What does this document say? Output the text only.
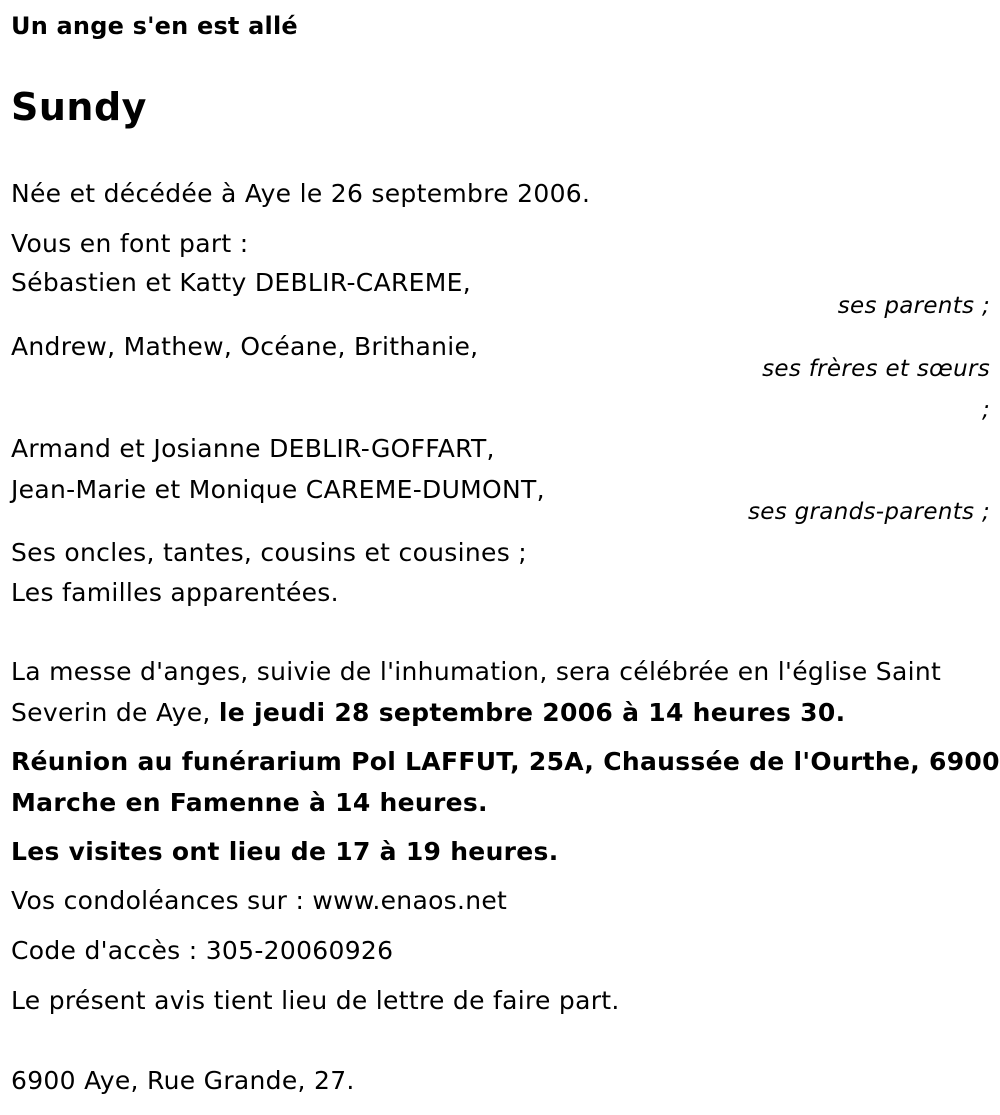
Un ange s'en est allé
Sundy
Née et décédée à Aye le 26 septembre 2006.
Vous en font part :
Sébastien et Katty DEBLIR-CAREME,
ses parents ;
Andrew, Mathew, Océane, Brithanie,
ses frères et sœurs
;
Armand et Josianne DEBLIR-GOFFART,
Jean-Marie et Monique CAREME-DUMONT,
ses grands-parents ;
Ses oncles, tantes, cousins et cousines ;
Les familles apparentées.
La messe d'anges, suivie de l'inhumation, sera célébrée en l'église Saint
Severin de Aye, le jeudi 28 septembre 2006 à 14 heures 30.
Réunion au funérarium Pol LAFFUT, 25A, Chaussée de l'Ourthe, 6900
Marche en Famenne à 14 heures.
Les visites ont lieu de 17 à 19 heures.
Vos condoléances sur : www.enaos.net
Code d'accès : 305-20060926
Le présent avis tient lieu de lettre de faire part.
6900 Aye, Rue Grande, 27.
